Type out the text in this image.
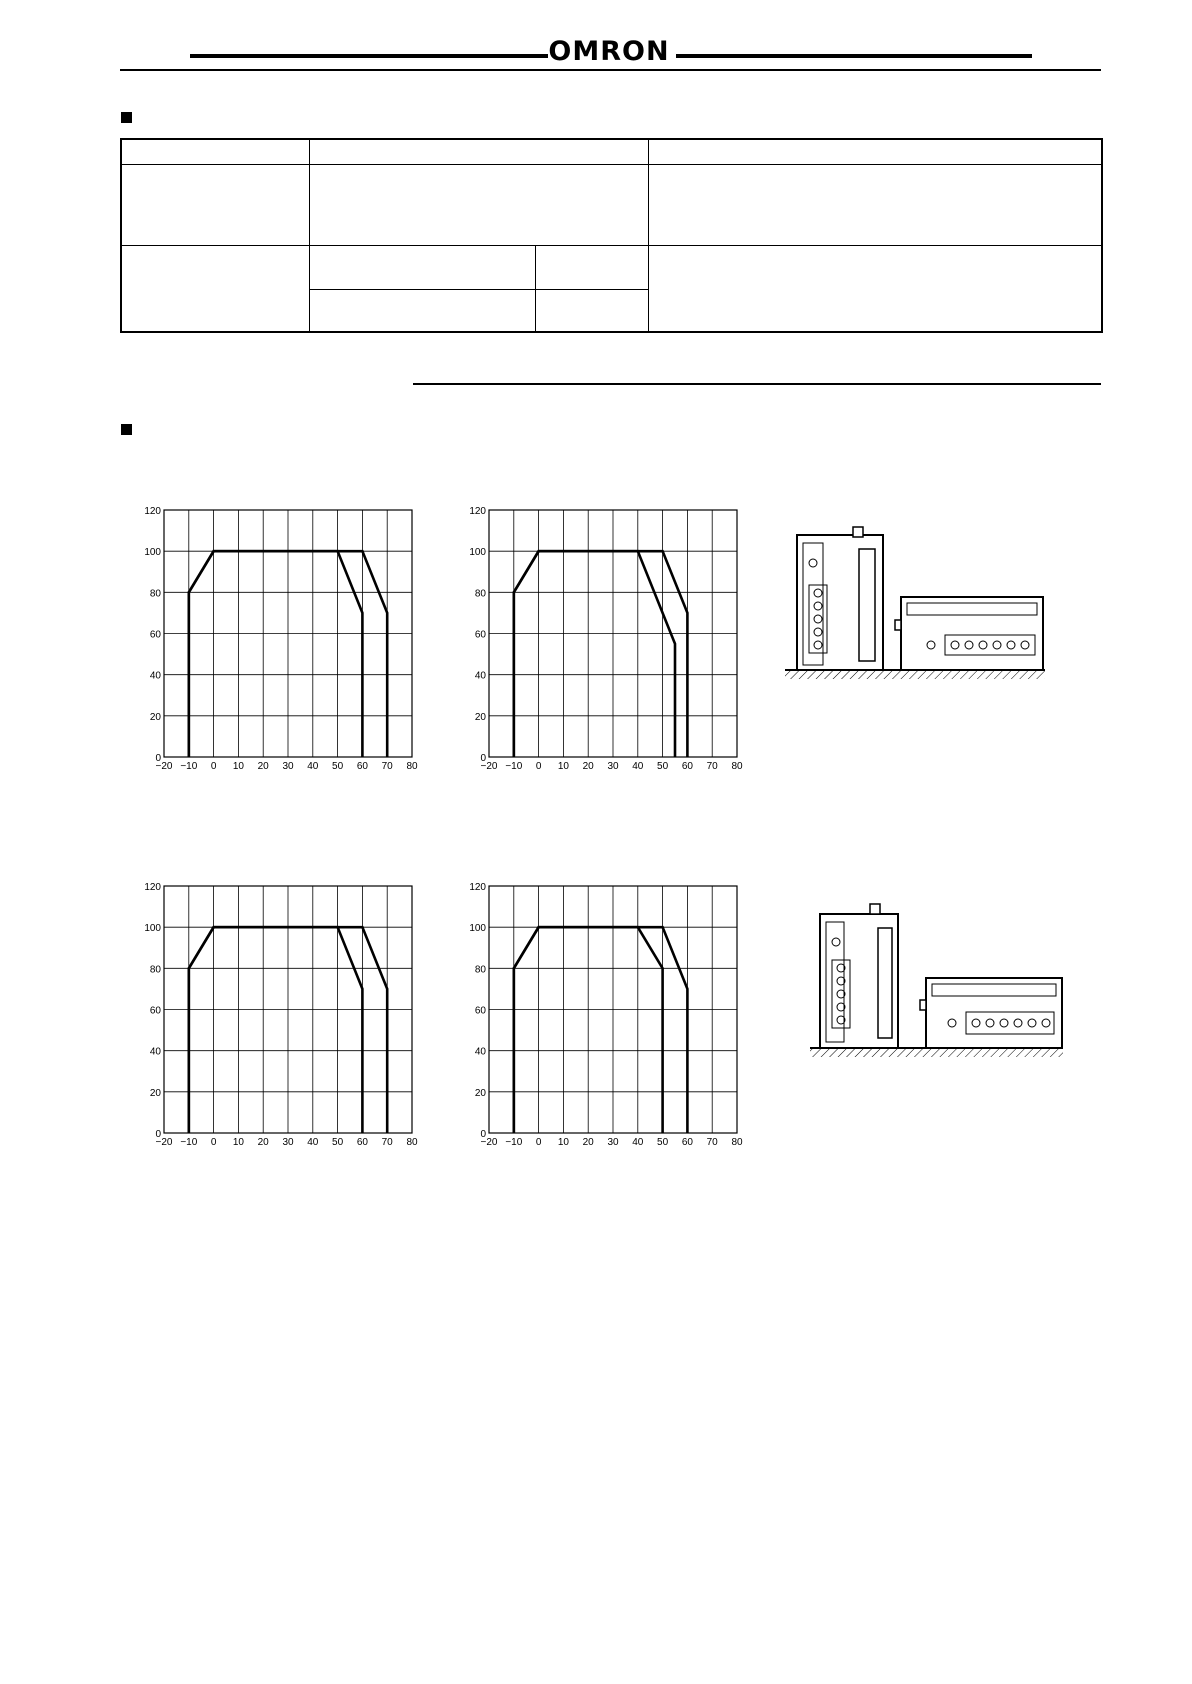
OMRON

−20 −10 0 10 20 30 40 50 60 70 80
0
20
40
60
80
100
120
−20 −10 0 10 20 30 40 50 60 70 80
0
20
40
60
80
100
120
−20 −10 0 10 20 30 40 50 60 70 80
0
20
40
60
80
100
120
−20 −10 0 10 20 30 40 50 60 70 80
0
20
40
60
80
100
120
